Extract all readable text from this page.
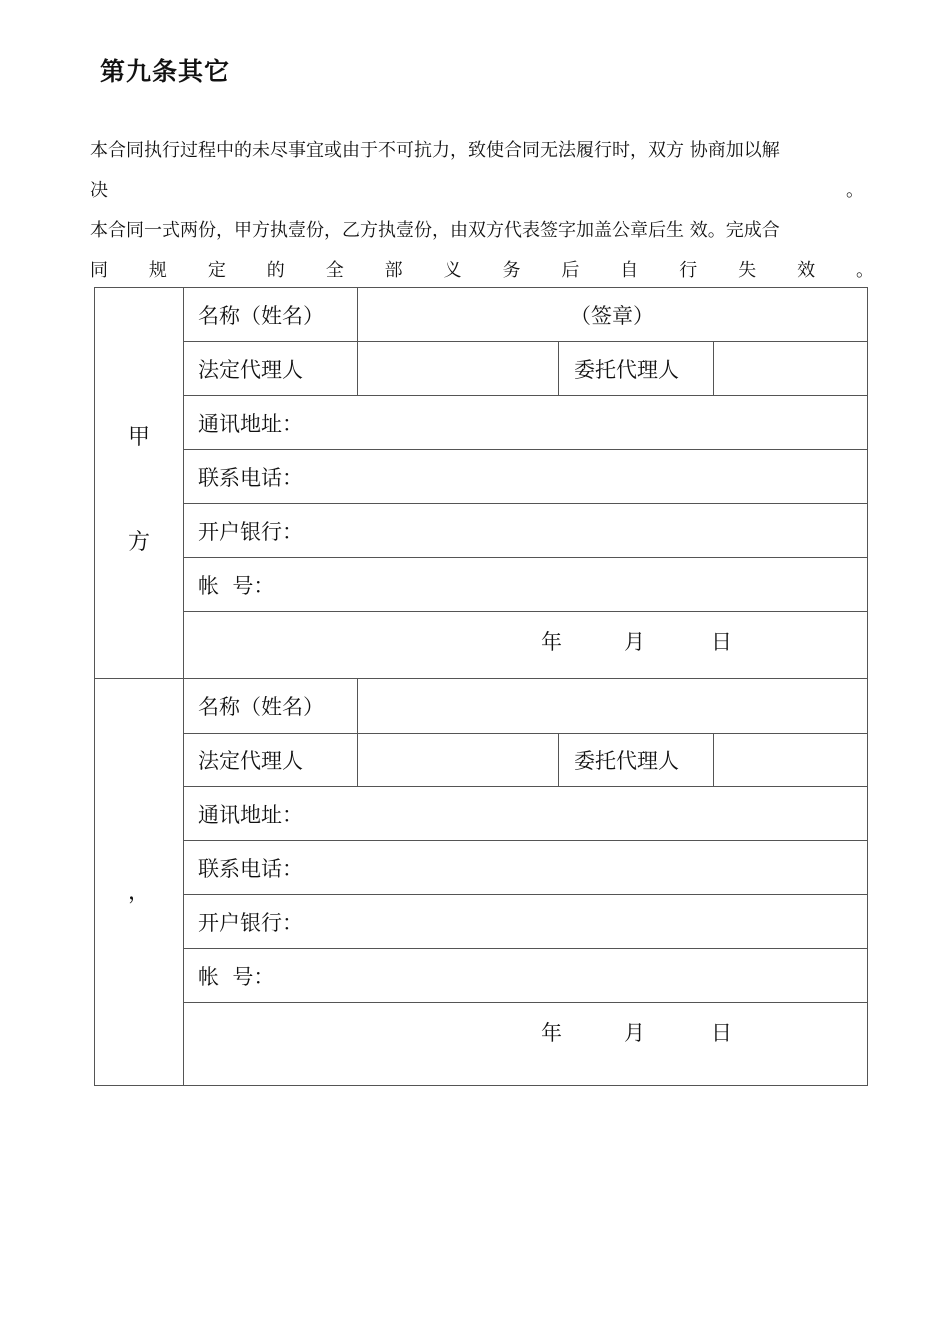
第九条其它
本合同执行过程中的未尽事宜或由于不可抗力，致使合同无法履行时，双方 协商加以解
决	。
本合同一式两份，甲方执壹份，乙方执壹份，由双方代表签字加盖公章后生 效。完成合
同 规 定 的 全 部 义 务 后 自 行 失 效 。
甲
方
名称（姓名）	（签章）
法定代理人	委托代理人
通讯地址：
联系电话：
开户银行：
帐  号：
年	月	日
，
名称（姓名）
法定代理人	委托代理人
通讯地址：
联系电话：
开户银行：
帐  号：
年	月	日
